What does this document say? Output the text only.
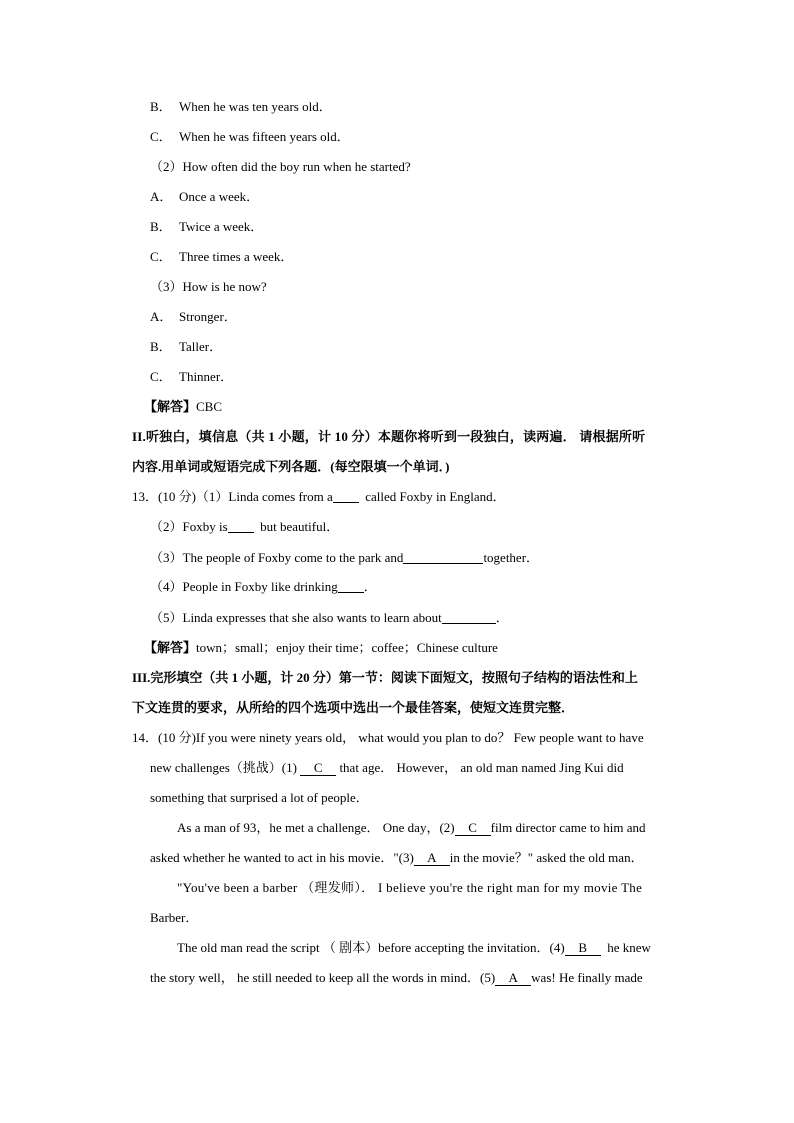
B． When he was ten years old．
C． When he was fifteen years old．
（2）How often did the boy run when he started?
A． Once a week．
B． Twice a week．
C． Three times a week．
（3）How is he now?
A． Stronger．
B． Taller．
C． Thinner．
【解答】CBC
II.听独白，填信息（共 1 小题，计 10 分）本题你将听到一段独白，读两遍． 请根据所听
内容.用单词或短语完成下列各题．(每空限填一个单词．)
13．(10 分)（1）Linda comes from a	called Foxby in England．
（2）Foxby is	but beautiful．
（3）The people of Foxby come to the park and	together．
（4）People in Foxby like drinking ．
（5）Linda expresses that she also wants to learn about	．
【解答】town；small；enjoy their time；coffee；Chinese culture
III.完形填空（共 1 小题，计 20 分）第一节：阅读下面短文，按照句子结构的语法性和上
下文连贯的要求，从所给的四个选项中选出一个最佳答案，使短文连贯完整．
14．(10 分)If you were ninety years old， what would you plan to do？ Few people want to have
new challenges（挑战）(1) C that age． However， an old man named Jing Kui did
something that surprised a lot of people．
As a man of 93，he met a challenge． One day，(2) C film director came to him and
asked whether he wanted to act in his movie．"(3) A in the movie？" asked the old man．
"You've been a barber （理发师）． I believe you're the right man for my movie The
Barber．
The old man read the script （ 剧本）before accepting the invitation．(4) B he knew
the story well， he still needed to keep all the words in mind．(5) A was! He finally made
